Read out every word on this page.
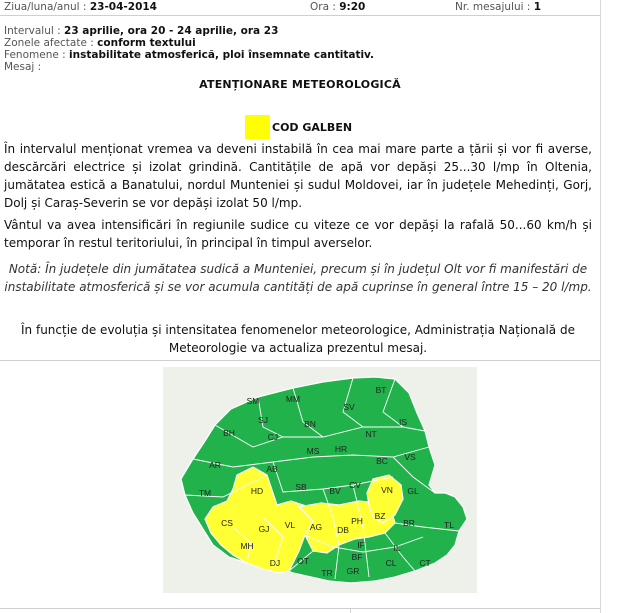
Ziua/luna/anul : 23-04-2014	Ora : 9:20	Nr. mesajului : 1
Intervalul : 23 aprilie, ora 20 - 24 aprilie, ora 23
Zonele afectate : conform textului
Fenomene : instabilitate atmosferică, ploi însemnate cantitativ.
Mesaj :
ATENȚIONARE METEOROLOGICĂ
COD GALBEN
În intervalul menționat vremea va deveni instabilă în cea mai mare parte a țării și vor fi averse, descărcări electrice și izolat grindină. Cantitățile de apă vor depăși 25...30 l/mp în Oltenia, jumătatea estică a Banatului, nordul Munteniei și sudul Moldovei, iar în județele Mehedinți, Gorj, Dolj și Caraș-Severin se vor depăși izolat 50 l/mp.
Vântul va avea intensificări în regiunile sudice cu viteze ce vor depăși la rafală 50...60 km/h și temporar în restul teritoriului, în principal în timpul averselor.
Notă: În județele din jumătatea sudică a Munteniei, precum și în județul Olt vor fi manifestări de instabilitate atmosferică și se vor acumula cantități de apă cuprinse în general între 15 – 20 l/mp.
În funcție de evoluția și intensitatea fenomenelor meteorologice, Administrația Națională de Meteorologie va actualiza prezentul mesaj.
BT
SM	MM
SV
BN
SJ	IS
BH	CJ	NT
MS HR
AR
VS
AB
BC
TM	HD	SB	CV VN GL
BV
BR
CS
GJ VL AG
PH BZ
TL
MH
DB
IF
DJ OT
TR
BF
IL
GR
CL	CT
